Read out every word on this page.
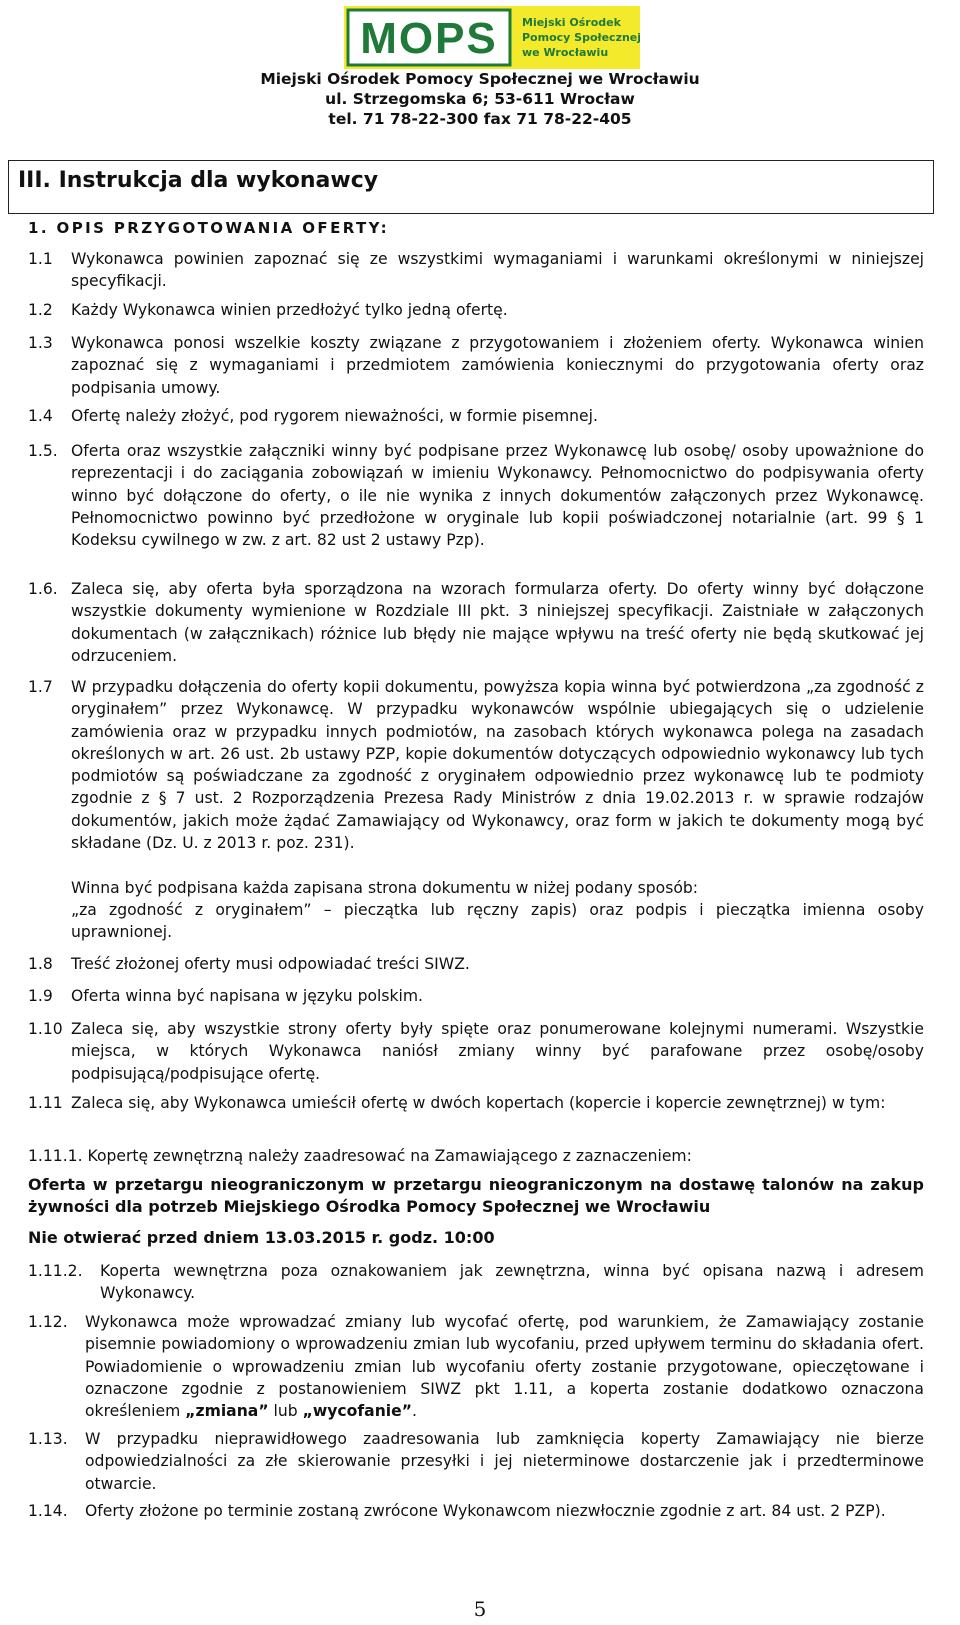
MOPS Miejski Ośrodek
Pomocy Społecznej
we Wrocławiu
Miejski Ośrodek Pomocy Społecznej we Wrocławiu
ul. Strzegomska 6; 53-611 Wrocław
tel. 71 78-22-300 fax 71 78-22-405
III. Instrukcja dla wykonawcy
1. OPIS PRZYGOTOWANIA OFERTY:
1.1 Wykonawca powinien zapoznać się ze wszystkimi wymaganiami i warunkami określonymi w niniejszej specyfikacji.
1.2 Każdy Wykonawca winien przedłożyć tylko jedną ofertę.
1.3 Wykonawca ponosi wszelkie koszty związane z przygotowaniem i złożeniem oferty. Wykonawca winien zapoznać się z wymaganiami i przedmiotem zamówienia koniecznymi do przygotowania oferty oraz podpisania umowy.
1.4 Ofertę należy złożyć, pod rygorem nieważności, w formie pisemnej.
1.5. Oferta oraz wszystkie załączniki winny być podpisane przez Wykonawcę lub osobę/ osoby upoważnione do reprezentacji i do zaciągania zobowiązań w imieniu Wykonawcy. Pełnomocnictwo do podpisywania oferty winno być dołączone do oferty, o ile nie wynika z innych dokumentów załączonych przez Wykonawcę. Pełnomocnictwo powinno być przedłożone w oryginale lub kopii poświadczonej notarialnie (art. 99 § 1 Kodeksu cywilnego w zw. z art. 82 ust 2 ustawy Pzp).
1.6. Zaleca się, aby oferta była sporządzona na wzorach formularza oferty. Do oferty winny być dołączone wszystkie dokumenty wymienione w Rozdziale III pkt. 3 niniejszej specyfikacji. Zaistniałe w załączonych dokumentach (w załącznikach) różnice lub błędy nie mające wpływu na treść oferty nie będą skutkować jej odrzuceniem.
1.7 W przypadku dołączenia do oferty kopii dokumentu, powyższa kopia winna być potwierdzona „za zgodność z oryginałem” przez Wykonawcę. W przypadku wykonawców wspólnie ubiegających się o udzielenie zamówienia oraz w przypadku innych podmiotów, na zasobach których wykonawca polega na zasadach określonych w art. 26 ust. 2b ustawy PZP, kopie dokumentów dotyczących odpowiednio wykonawcy lub tych podmiotów są poświadczane za zgodność z oryginałem odpowiednio przez wykonawcę lub te podmioty zgodnie z § 7 ust. 2 Rozporządzenia Prezesa Rady Ministrów z dnia 19.02.2013 r. w sprawie rodzajów dokumentów, jakich może żądać Zamawiający od Wykonawcy, oraz form w jakich te dokumenty mogą być składane (Dz. U. z 2013 r. poz. 231).
Winna być podpisana każda zapisana strona dokumentu w niżej podany sposób:
„za zgodność z oryginałem” – pieczątka lub ręczny zapis) oraz podpis i pieczątka imienna osoby uprawnionej.
1.8 Treść złożonej oferty musi odpowiadać treści SIWZ.
1.9 Oferta winna być napisana w języku polskim.
1.10 Zaleca się, aby wszystkie strony oferty były spięte oraz ponumerowane kolejnymi numerami. Wszystkie miejsca, w których Wykonawca naniósł zmiany winny być parafowane przez osobę/osoby podpisującą/podpisujące ofertę.
1.11 Zaleca się, aby Wykonawca umieścił ofertę w dwóch kopertach (kopercie i kopercie zewnętrznej) w tym:
1.11.1. Kopertę zewnętrzną należy zaadresować na Zamawiającego z zaznaczeniem:
Oferta w przetargu nieograniczonym w przetargu nieograniczonym na dostawę talonów na zakup żywności dla potrzeb Miejskiego Ośrodka Pomocy Społecznej we Wrocławiu
Nie otwierać przed dniem 13.03.2015 r. godz. 10:00
1.11.2. Koperta wewnętrzna poza oznakowaniem jak zewnętrzna, winna być opisana nazwą i adresem Wykonawcy.
1.12. Wykonawca może wprowadzać zmiany lub wycofać ofertę, pod warunkiem, że Zamawiający zostanie pisemnie powiadomiony o wprowadzeniu zmian lub wycofaniu, przed upływem terminu do składania ofert. Powiadomienie o wprowadzeniu zmian lub wycofaniu oferty zostanie przygotowane, opieczętowane i oznaczone zgodnie z postanowieniem SIWZ pkt 1.11, a koperta zostanie dodatkowo oznaczona określeniem „zmiana” lub „wycofanie”.
1.13. W przypadku nieprawidłowego zaadresowania lub zamknięcia koperty Zamawiający nie bierze odpowiedzialności za złe skierowanie przesyłki i jej nieterminowe dostarczenie jak i przedterminowe otwarcie.
1.14. Oferty złożone po terminie zostaną zwrócone Wykonawcom niezwłocznie zgodnie z art. 84 ust. 2 PZP).
5
